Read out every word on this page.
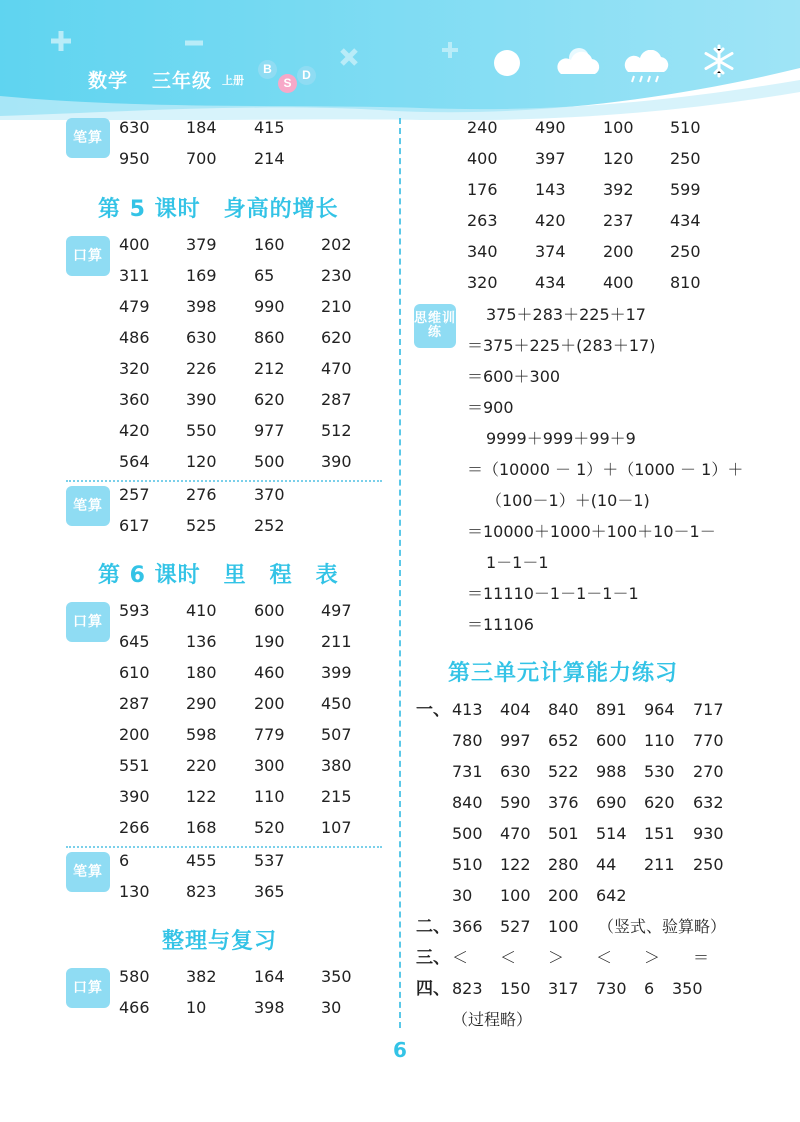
数学 三年级 上册
B
S
D
笔算
630 184 415
950 700 214
第 5 课时　身高的增长
口算
400 379 160 202
311 169 65	230
479 398 990 210
486 630 860 620
320 226 212 470
360 390 620 287
420 550 977 512
564 120 500 390
笔算
257 276 370
617 525 252
第 6 课时　里　程　表
口算
593 410 600 497
645 136 190 211
610 180 460 399
287 290 200 450
200 598 779 507
551 220 300 380
390 122 110 215
266 168 520 107
笔算
6	455 537
130 823 365
整理与复习
口算
580 382 164 350
466 10	398 30
240 490 100 510
400 397 120 250
176 143 392 599
263 420 237 434
340 374 200 250
320 434 400 810
思维训练
375＋283＋225＋17
＝375＋225＋(283＋17)
＝600＋300
＝900
9999＋999＋99＋9
＝（10000 － 1）＋（1000 － 1）＋
（100－1）＋(10－1)
＝10000＋1000＋100＋10－1－
1－1－1
＝11110－1－1－1－1
＝11106
第三单元计算能力练习
一、 413 404 840 891 964 717
780 997 652 600 110 770
731 630 522 988 530 270
840 590 376 690 620 632
500 470 501 514 151 930
510 122 280 44 211 250
30 100 200 642
二、 366 527 100 （竖式、验算略）
三、 ＜ ＜ ＞ ＜ ＞ ＝
四、 823 150 317 730 6 350
（过程略）
6
